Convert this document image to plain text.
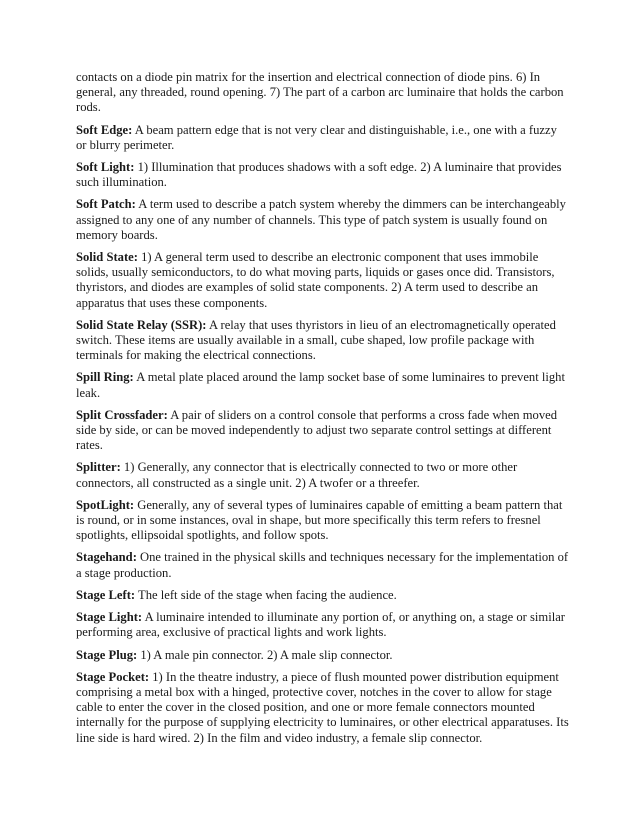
contacts on a diode pin matrix for the insertion and electrical connection of diode pins. 6) In general, any threaded, round opening. 7) The part of a carbon arc luminaire that holds the carbon rods.

Soft Edge: A beam pattern edge that is not very clear and distinguishable, i.e., one with a fuzzy or blurry perimeter.

Soft Light: 1) Illumination that produces shadows with a soft edge. 2) A luminaire that provides such illumination.

Soft Patch: A term used to describe a patch system whereby the dimmers can be interchangeably assigned to any one of any number of channels. This type of patch system is usually found on memory boards.

Solid State: 1) A general term used to describe an electronic component that uses immobile solids, usually semiconductors, to do what moving parts, liquids or gases once did. Transistors, thyristors, and diodes are examples of solid state components. 2) A term used to describe an apparatus that uses these components.

Solid State Relay (SSR): A relay that uses thyristors in lieu of an electromagnetically operated switch. These items are usually available in a small, cube shaped, low profile package with terminals for making the electrical connections.

Spill Ring: A metal plate placed around the lamp socket base of some luminaires to prevent light leak.

Split Crossfader: A pair of sliders on a control console that performs a cross fade when moved side by side, or can be moved independently to adjust two separate control settings at different rates.

Splitter: 1) Generally, any connector that is electrically connected to two or more other connectors, all constructed as a single unit. 2) A twofer or a threefer.

SpotLight: Generally, any of several types of luminaires capable of emitting a beam pattern that is round, or in some instances, oval in shape, but more specifically this term refers to fresnel spotlights, ellipsoidal spotlights, and follow spots.

Stagehand: One trained in the physical skills and techniques necessary for the implementation of a stage production.

Stage Left: The left side of the stage when facing the audience.

Stage Light: A luminaire intended to illuminate any portion of, or anything on, a stage or similar performing area, exclusive of practical lights and work lights.

Stage Plug: 1) A male pin connector. 2) A male slip connector.

Stage Pocket: 1) In the theatre industry, a piece of flush mounted power distribution equipment comprising a metal box with a hinged, protective cover, notches in the cover to allow for stage cable to enter the cover in the closed position, and one or more female connectors mounted internally for the purpose of supplying electricity to luminaires, or other electrical apparatuses. Its line side is hard wired. 2) In the film and video industry, a female slip connector.
